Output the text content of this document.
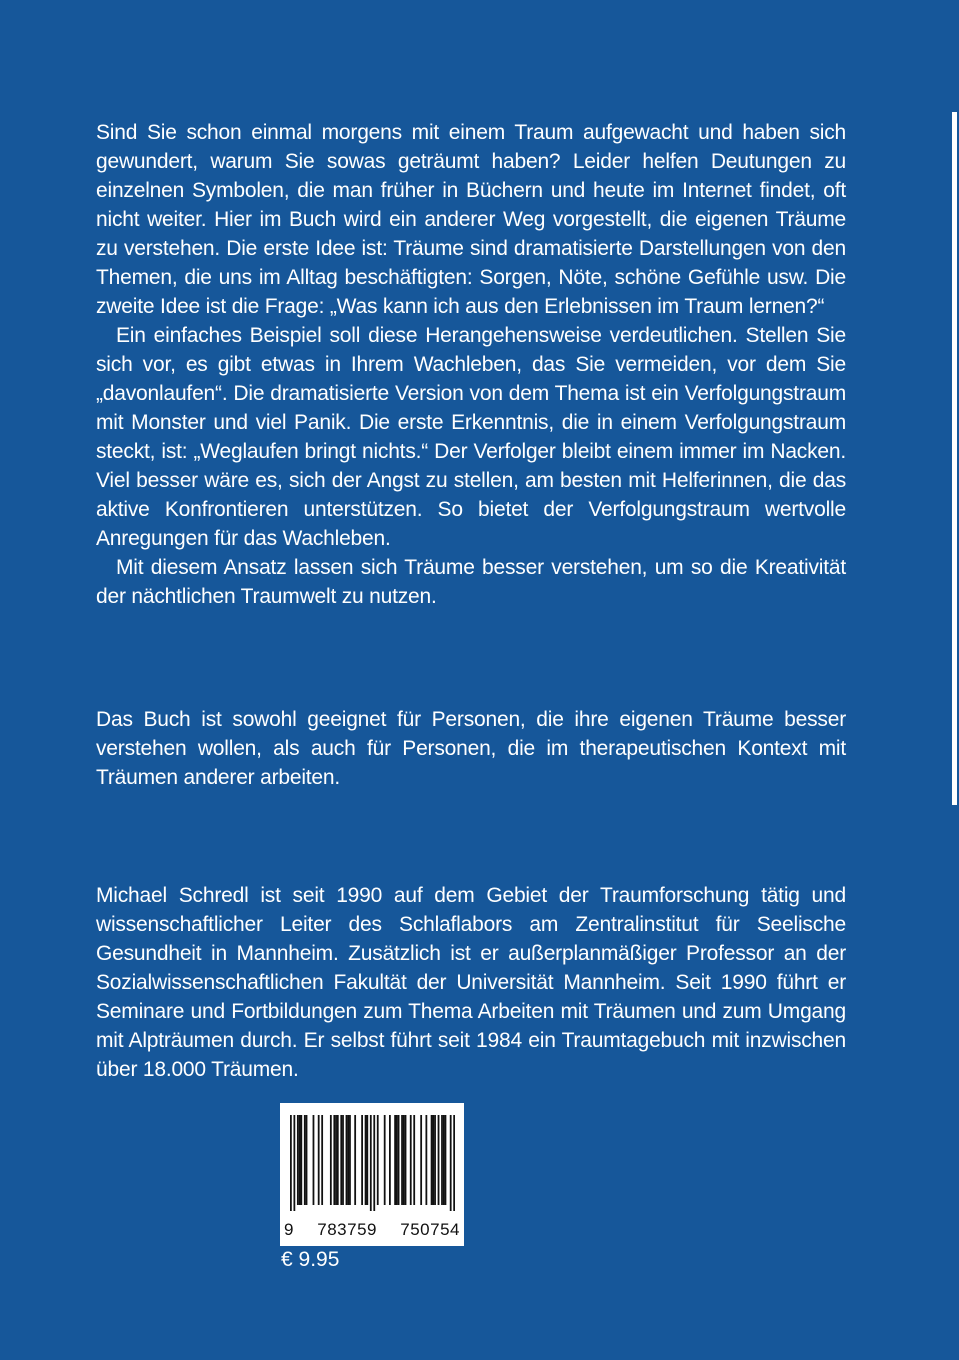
Sind Sie schon einmal morgens mit einem Traum aufgewacht und haben sich gewundert, warum Sie sowas geträumt haben? Leider helfen Deutungen zu einzelnen Symbolen, die man früher in Büchern und heute im Internet findet, oft nicht weiter. Hier im Buch wird ein anderer Weg vorgestellt, die eigenen Träume zu verstehen. Die erste Idee ist: Träume sind dramatisierte Darstellungen von den Themen, die uns im Alltag beschäftigten: Sorgen, Nöte, schöne Gefühle usw. Die zweite Idee ist die Frage: „Was kann ich aus den Erlebnissen im Traum lernen?“

Ein einfaches Beispiel soll diese Herangehensweise verdeutlichen. Stellen Sie sich vor, es gibt etwas in Ihrem Wachleben, das Sie vermeiden, vor dem Sie „davonlaufen“. Die dramatisierte Version von dem Thema ist ein Verfolgungstraum mit Monster und viel Panik. Die erste Erkenntnis, die in einem Verfolgungstraum steckt, ist: „Weglaufen bringt nichts.“ Der Verfolger bleibt einem immer im Nacken. Viel besser wäre es, sich der Angst zu stellen, am besten mit Helferinnen, die das aktive Konfrontieren unterstützen. So bietet der Verfolgungstraum wertvolle Anregungen für das Wachleben.

Mit diesem Ansatz lassen sich Träume besser verstehen, um so die Kreativität der nächtlichen Traumwelt zu nutzen.

Das Buch ist sowohl geeignet für Personen, die ihre eigenen Träume besser verstehen wollen, als auch für Personen, die im therapeutischen Kontext mit Träumen anderer arbeiten.

Michael Schredl ist seit 1990 auf dem Gebiet der Traumforschung tätig und wissenschaftlicher Leiter des Schlaflabors am Zentralinstitut für Seelische Gesundheit in Mannheim. Zusätzlich ist er außerplanmäßiger Professor an der Sozialwissenschaftlichen Fakultät der Universität Mannheim. Seit 1990 führt er Seminare und Fortbildungen zum Thema Arbeiten mit Träumen und zum Umgang mit Alpträumen durch. Er selbst führt seit 1984 ein Traumtagebuch mit inzwischen über 18.000 Träumen.

9 783759 750754
€ 9.95
